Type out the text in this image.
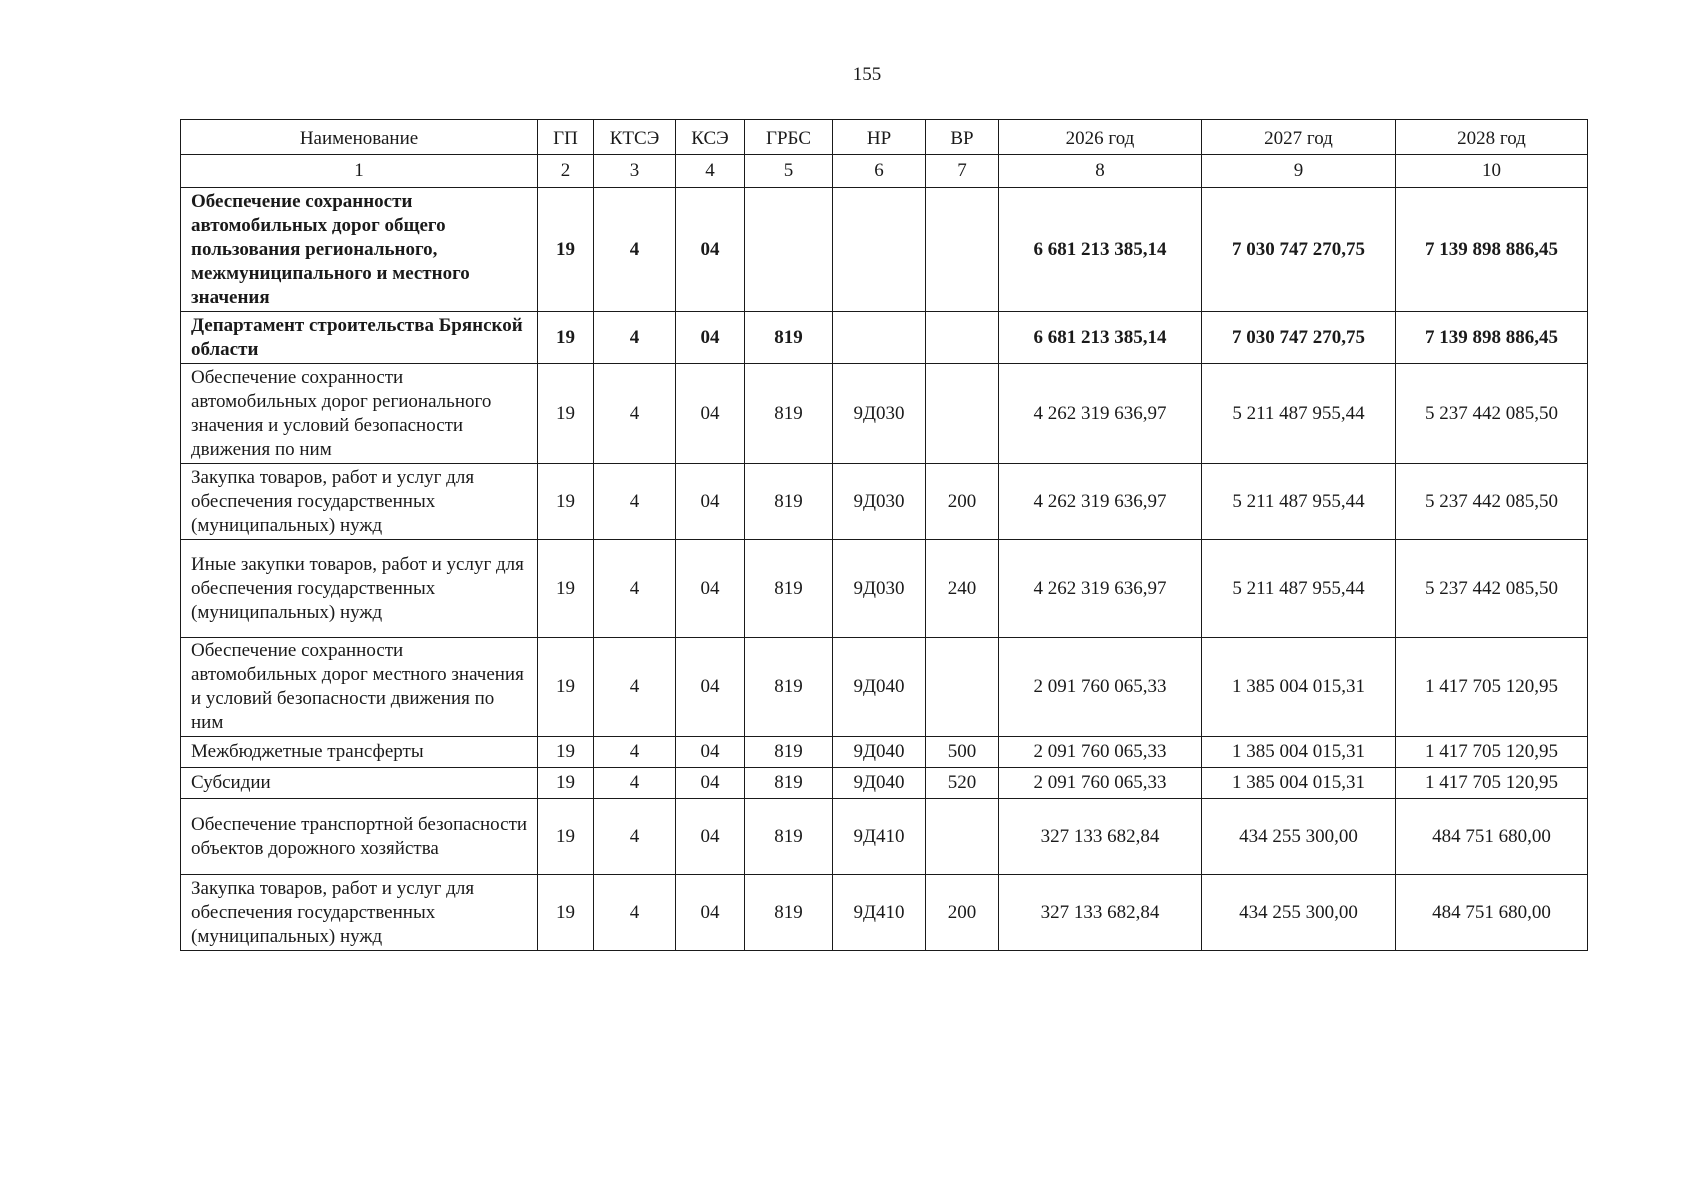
155
Наименование	ГП	КТСЭ	КСЭ	ГРБС	НР	ВР	2026 год	2027 год	2028 год
1	2	3	4	5	6	7	8	9	10
Обеспечение сохранности автомобильных дорог общего пользования регионального, межмуниципального и местного значения	19	4	04				6 681 213 385,14	7 030 747 270,75	7 139 898 886,45
Департамент строительства Брянской области	19	4	04	819			6 681 213 385,14	7 030 747 270,75	7 139 898 886,45
Обеспечение сохранности автомобильных дорог регионального значения и условий безопасности движения по ним	19	4	04	819	9Д030		4 262 319 636,97	5 211 487 955,44	5 237 442 085,50
Закупка товаров, работ и услуг для обеспечения государственных (муниципальных) нужд	19	4	04	819	9Д030	200	4 262 319 636,97	5 211 487 955,44	5 237 442 085,50
Иные закупки товаров, работ и услуг для обеспечения государственных (муниципальных) нужд	19	4	04	819	9Д030	240	4 262 319 636,97	5 211 487 955,44	5 237 442 085,50
Обеспечение сохранности автомобильных дорог местного значения и условий безопасности движения по ним	19	4	04	819	9Д040		2 091 760 065,33	1 385 004 015,31	1 417 705 120,95
Межбюджетные трансферты	19	4	04	819	9Д040	500	2 091 760 065,33	1 385 004 015,31	1 417 705 120,95
Субсидии	19	4	04	819	9Д040	520	2 091 760 065,33	1 385 004 015,31	1 417 705 120,95
Обеспечение транспортной безопасности объектов дорожного хозяйства	19	4	04	819	9Д410		327 133 682,84	434 255 300,00	484 751 680,00
Закупка товаров, работ и услуг для обеспечения государственных (муниципальных) нужд	19	4	04	819	9Д410	200	327 133 682,84	434 255 300,00	484 751 680,00
